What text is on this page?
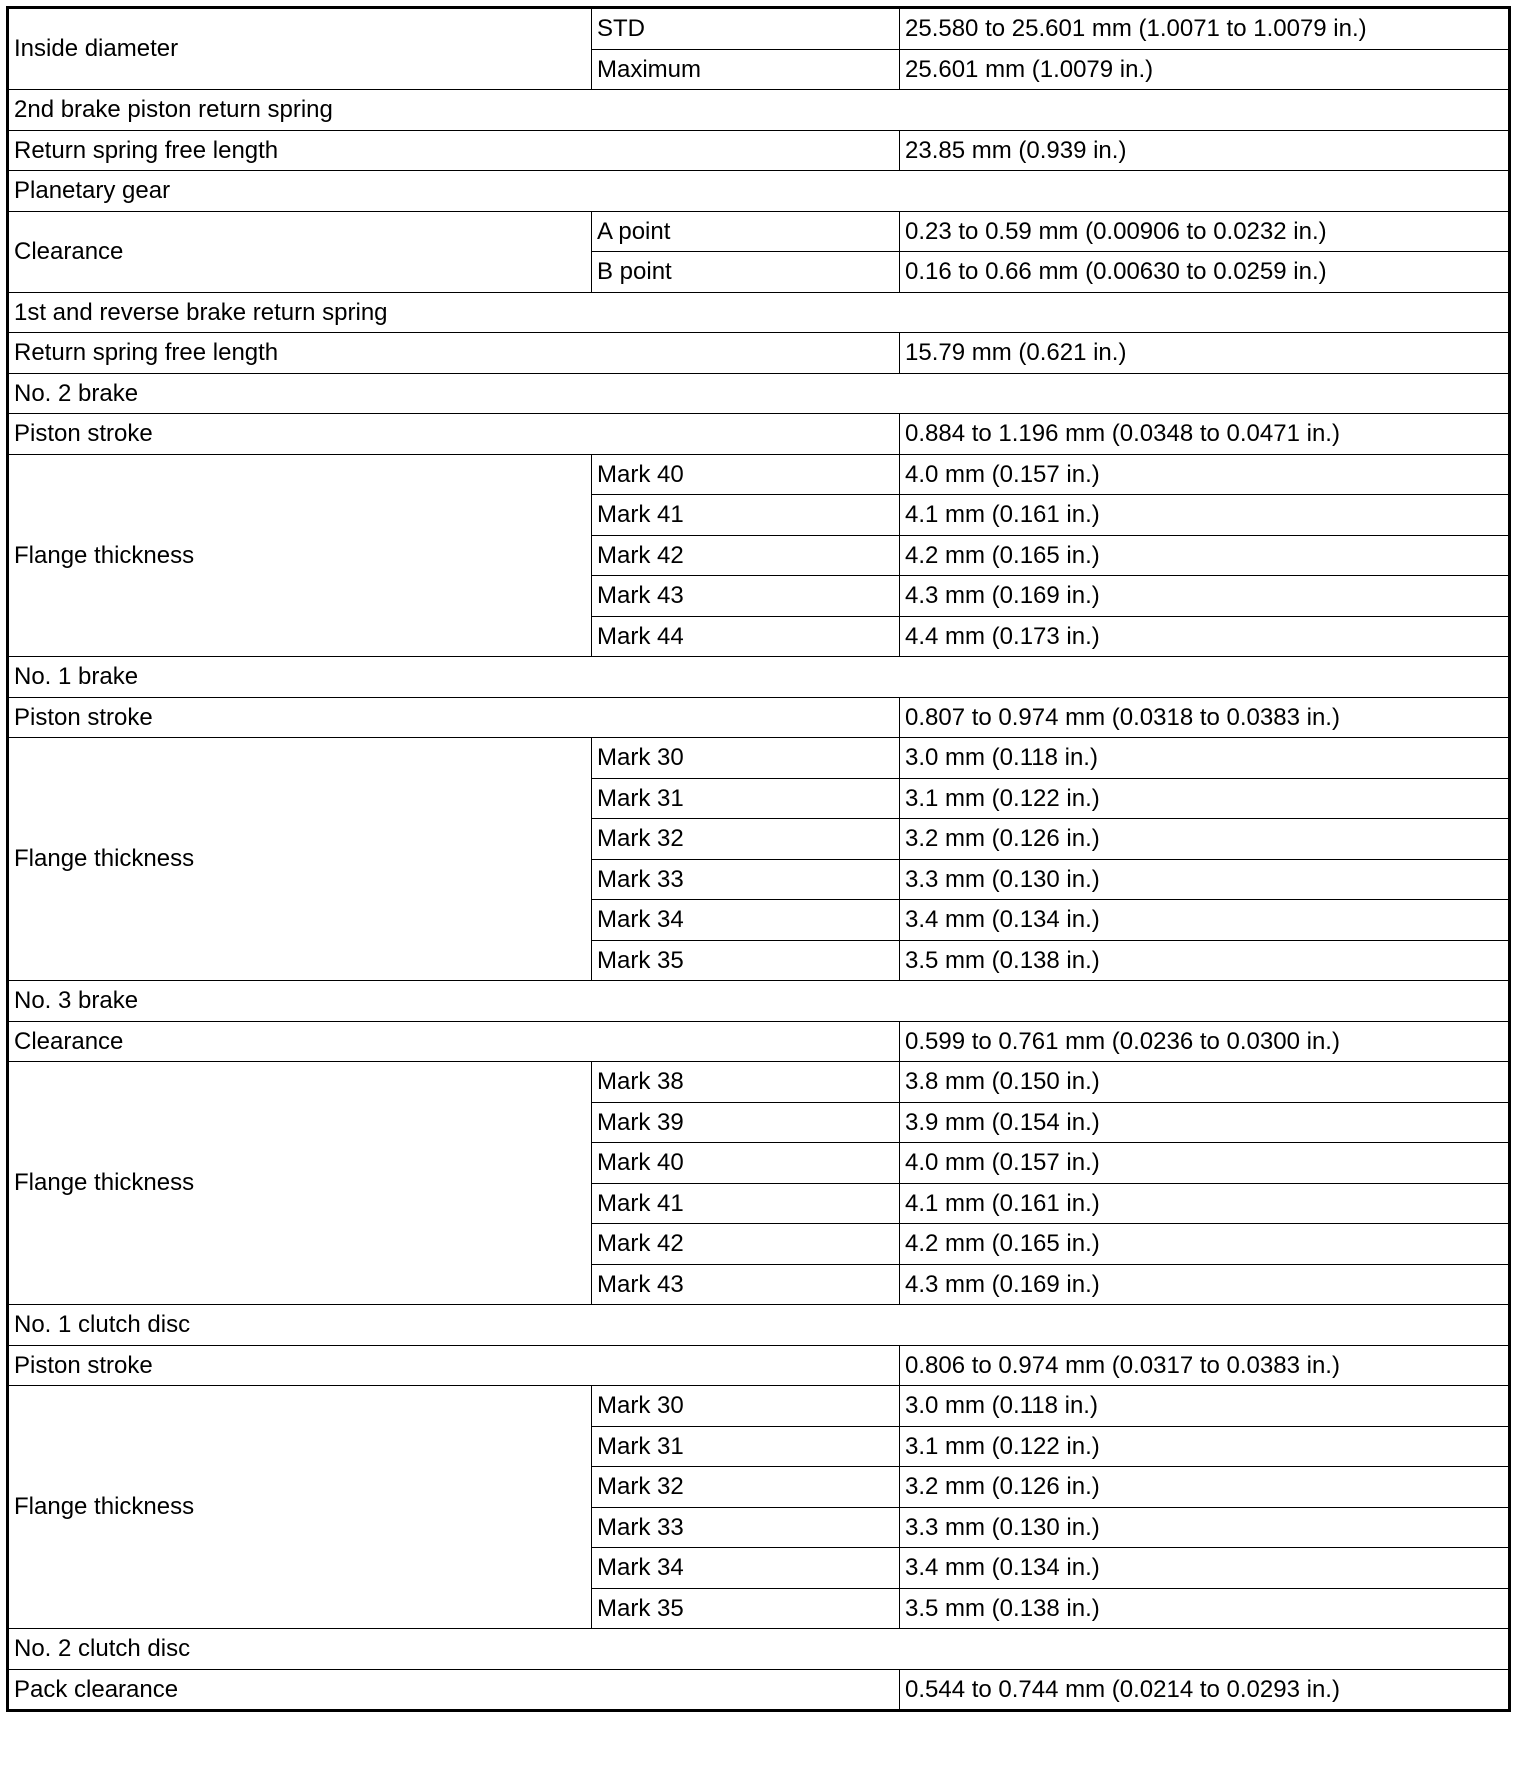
Inside diameter	STD	25.580 to 25.601 mm (1.0071 to 1.0079 in.)
	Maximum	25.601 mm (1.0079 in.)
2nd brake piston return spring		
Return spring free length		23.85 mm (0.939 in.)
Planetary gear		
Clearance	A point	0.23 to 0.59 mm (0.00906 to 0.0232 in.)
	B point	0.16 to 0.66 mm (0.00630 to 0.0259 in.)
1st and reverse brake return spring		
Return spring free length		15.79 mm (0.621 in.)
No. 2 brake		
Piston stroke		0.884 to 1.196 mm (0.0348 to 0.0471 in.)
Flange thickness	Mark 40	4.0 mm (0.157 in.)
	Mark 41	4.1 mm (0.161 in.)
	Mark 42	4.2 mm (0.165 in.)
	Mark 43	4.3 mm (0.169 in.)
	Mark 44	4.4 mm (0.173 in.)
No. 1 brake		
Piston stroke		0.807 to 0.974 mm (0.0318 to 0.0383 in.)
Flange thickness	Mark 30	3.0 mm (0.118 in.)
	Mark 31	3.1 mm (0.122 in.)
	Mark 32	3.2 mm (0.126 in.)
	Mark 33	3.3 mm (0.130 in.)
	Mark 34	3.4 mm (0.134 in.)
	Mark 35	3.5 mm (0.138 in.)
No. 3 brake		
Clearance		0.599 to 0.761 mm (0.0236 to 0.0300 in.)
Flange thickness	Mark 38	3.8 mm (0.150 in.)
	Mark 39	3.9 mm (0.154 in.)
	Mark 40	4.0 mm (0.157 in.)
	Mark 41	4.1 mm (0.161 in.)
	Mark 42	4.2 mm (0.165 in.)
	Mark 43	4.3 mm (0.169 in.)
No. 1 clutch disc		
Piston stroke		0.806 to 0.974 mm (0.0317 to 0.0383 in.)
Flange thickness	Mark 30	3.0 mm (0.118 in.)
	Mark 31	3.1 mm (0.122 in.)
	Mark 32	3.2 mm (0.126 in.)
	Mark 33	3.3 mm (0.130 in.)
	Mark 34	3.4 mm (0.134 in.)
	Mark 35	3.5 mm (0.138 in.)
No. 2 clutch disc		
Pack clearance		0.544 to 0.744 mm (0.0214 to 0.0293 in.)
